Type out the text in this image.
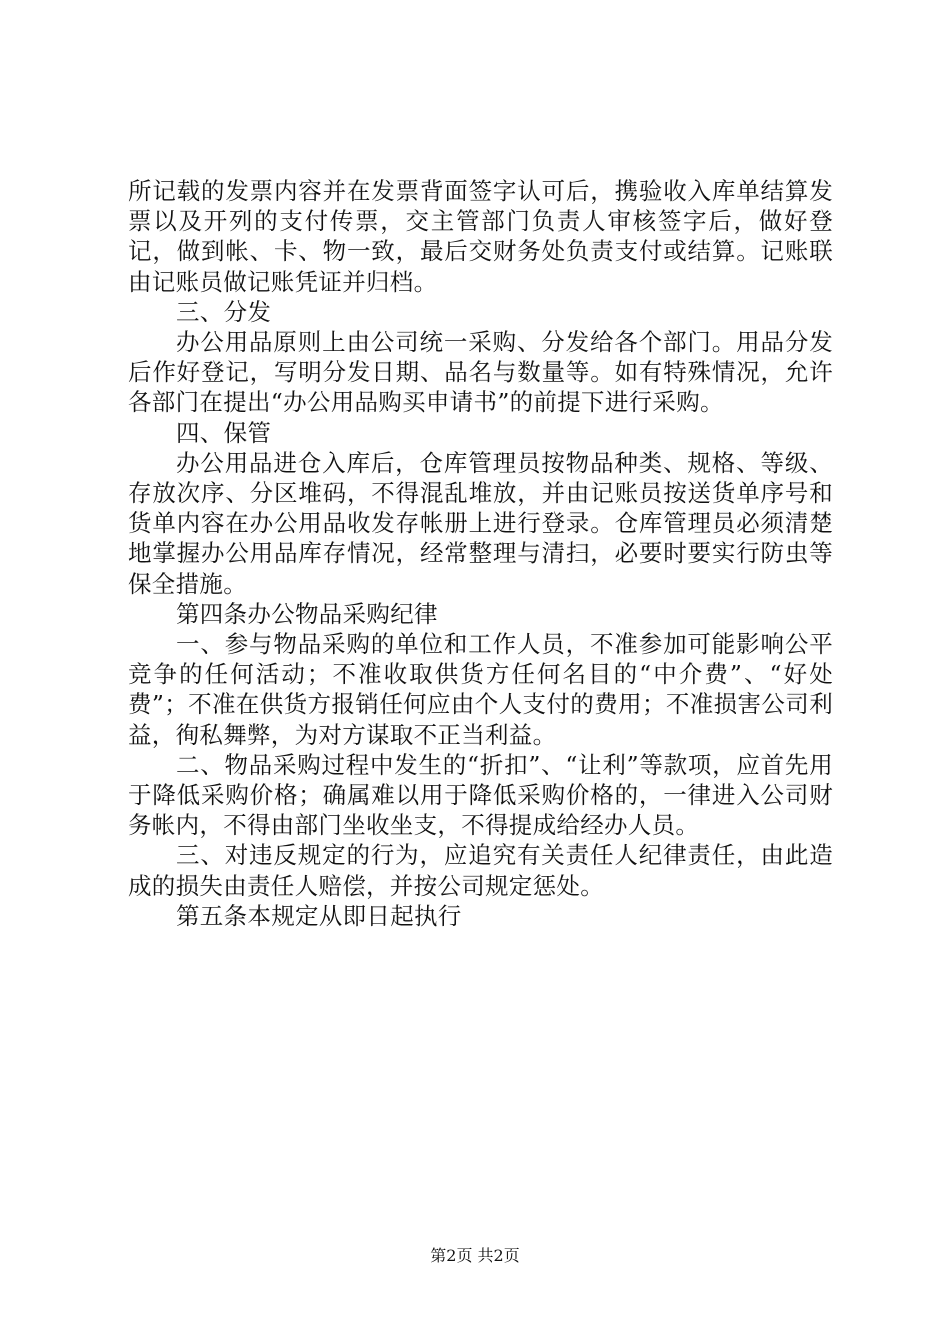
所记载的发票内容并在发票背面签字认可后，携验收入库单结算发票以及开列的支付传票，交主管部门负责人审核签字后，做好登记，做到帐、卡、物一致，最后交财务处负责支付或结算。记账联由记账员做记账凭证并归档。

三、分发

办公用品原则上由公司统一采购、分发给各个部门。用品分发后作好登记，写明分发日期、品名与数量等。如有特殊情况，允许各部门在提出“办公用品购买申请书”的前提下进行采购。

四、保管

办公用品进仓入库后，仓库管理员按物品种类、规格、等级、存放次序、分区堆码，不得混乱堆放，并由记账员按送货单序号和货单内容在办公用品收发存帐册上进行登录。仓库管理员必须清楚地掌握办公用品库存情况，经常整理与清扫，必要时要实行防虫等保全措施。

第四条办公物品采购纪律

一、参与物品采购的单位和工作人员，不准参加可能影响公平竞争的任何活动；不准收取供货方任何名目的“中介费”、“好处费”；不准在供货方报销任何应由个人支付的费用；不准损害公司利益，徇私舞弊，为对方谋取不正当利益。

二、物品采购过程中发生的“折扣”、“让利”等款项，应首先用于降低采购价格；确属难以用于降低采购价格的，一律进入公司财务帐内，不得由部门坐收坐支，不得提成给经办人员。

三、对违反规定的行为，应追究有关责任人纪律责任，由此造成的损失由责任人赔偿，并按公司规定惩处。

第五条本规定从即日起执行

第2页 共2页
